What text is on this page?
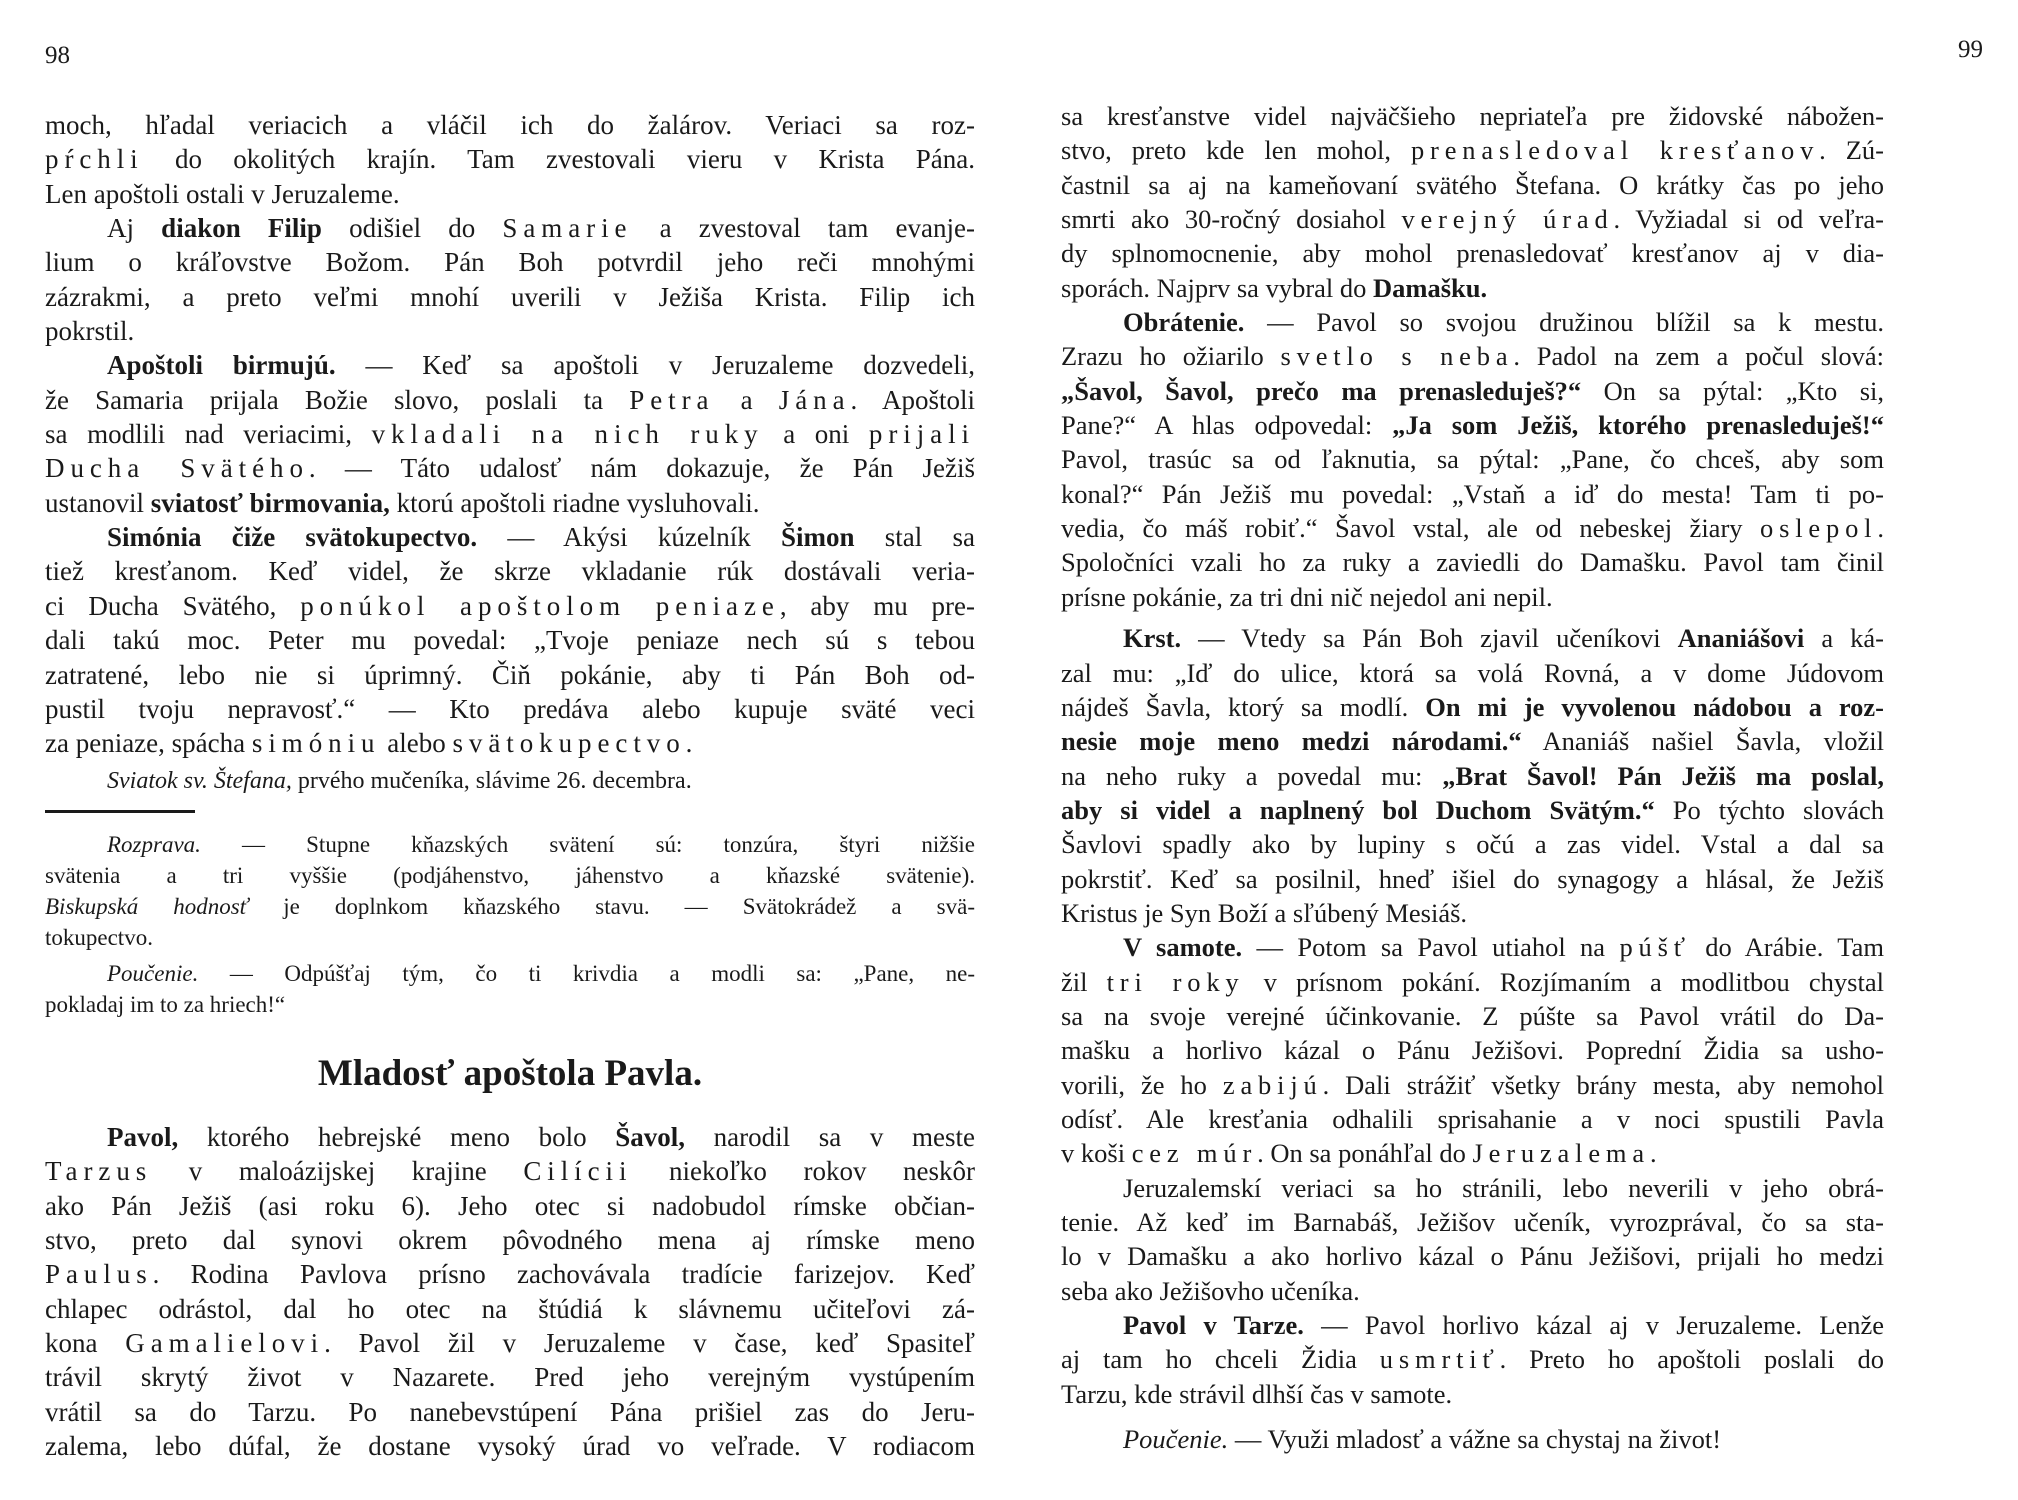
98	99
moch, hľadal veriacich a vláčil ich do žalárov. Veriaci sa roz-
pŕchli do okolitých krajín. Tam zvestovali vieru v Krista Pána.
Len apoštoli ostali v Jeruzaleme.
Aj diakon Filip odišiel do Samarie a zvestoval tam evanje-
lium o kráľovstve Božom. Pán Boh potvrdil jeho reči mnohými
zázrakmi, a preto veľmi mnohí uverili v Ježiša Krista. Filip ich
pokrstil.
Apoštoli birmujú. — Keď sa apoštoli v Jeruzaleme dozvedeli,
že Samaria prijala Božie slovo, poslali ta Petra a Jána. Apoštoli
sa modlili nad veriacimi, vkladali na nich ruky a oni prijali
Ducha Svätého. — Táto udalosť nám dokazuje, že Pán Ježiš
ustanovil sviatosť birmovania, ktorú apoštoli riadne vysluhovali.
Simónia čiže svätokupectvo. — Akýsi kúzelník Šimon stal sa
tiež kresťanom. Keď videl, že skrze vkladanie rúk dostávali veria-
ci Ducha Svätého, ponúkol apoštolom peniaze, aby mu pre-
dali takú moc. Peter mu povedal: „Tvoje peniaze nech sú s tebou
zatratené, lebo nie si úprimný. Čiň pokánie, aby ti Pán Boh od-
pustil tvoju nepravosť.“ — Kto predáva alebo kupuje sväté veci
za peniaze, spácha simóniu alebo svätokupectvo.
Sviatok sv. Štefana, prvého mučeníka, slávime 26. decembra.
Rozprava. — Stupne kňazských svätení sú: tonzúra, štyri nižšie
svätenia a tri vyššie (podjáhenstvo, jáhenstvo a kňazské svätenie).
Biskupská hodnosť je doplnkom kňazského stavu. — Svätokrádež a svä-
tokupectvo.
Poučenie. — Odpúšťaj tým, čo ti krivdia a modli sa: „Pane, ne-
pokladaj im to za hriech!“
Mladosť apoštola Pavla.
Pavol, ktorého hebrejské meno bolo Šavol, narodil sa v meste
Tarzus v maloázijskej krajine Cilícii niekoľko rokov neskôr
ako Pán Ježiš (asi roku 6). Jeho otec si nadobudol rímske občian-
stvo, preto dal synovi okrem pôvodného mena aj rímske meno
Paulus. Rodina Pavlova prísno zachovávala tradície farizejov. Keď
chlapec odrástol, dal ho otec na štúdiá k slávnemu učiteľovi zá-
kona Gamalielovi. Pavol žil v Jeruzaleme v čase, keď Spasiteľ
trávil skrytý život v Nazarete. Pred jeho verejným vystúpením
vrátil sa do Tarzu. Po nanebevstúpení Pána prišiel zas do Jeru-
zalema, lebo dúfal, že dostane vysoký úrad vo veľrade. V rodiacom
sa kresťanstve videl najväčšieho nepriateľa pre židovské nábožen-
stvo, preto kde len mohol, prenasledoval kresťanov. Zú-
častnil sa aj na kameňovaní svätého Štefana. O krátky čas po jeho
smrti ako 30-ročný dosiahol verejný úrad. Vyžiadal si od veľra-
dy splnomocnenie, aby mohol prenasledovať kresťanov aj v dia-
sporách. Najprv sa vybral do Damašku.
Obrátenie. — Pavol so svojou družinou blížil sa k mestu.
Zrazu ho ožiarilo svetlo s neba. Padol na zem a počul slová:
„Šavol, Šavol, prečo ma prenasleduješ?“ On sa pýtal: „Kto si,
Pane?“ A hlas odpovedal: „Ja som Ježiš, ktorého prenasleduješ!“
Pavol, trasúc sa od ľaknutia, sa pýtal: „Pane, čo chceš, aby som
konal?“ Pán Ježiš mu povedal: „Vstaň a iď do mesta! Tam ti po-
vedia, čo máš robiť.“ Šavol vstal, ale od nebeskej žiary oslepol.
Spoločníci vzali ho za ruky a zaviedli do Damašku. Pavol tam činil
prísne pokánie, za tri dni nič nejedol ani nepil.
Krst. — Vtedy sa Pán Boh zjavil učeníkovi Ananiášovi a ká-
zal mu: „Iď do ulice, ktorá sa volá Rovná, a v dome Júdovom
nájdeš Šavla, ktorý sa modlí. On mi je vyvolenou nádobou a roz-
nesie moje meno medzi národami.“ Ananiáš našiel Šavla, vložil
na neho ruky a povedal mu: „Brat Šavol! Pán Ježiš ma poslal,
aby si videl a naplnený bol Duchom Svätým.“ Po týchto slovách
Šavlovi spadly ako by lupiny s očú a zas videl. Vstal a dal sa
pokrstiť. Keď sa posilnil, hneď išiel do synagogy a hlásal, že Ježiš
Kristus je Syn Boží a sľúbený Mesiáš.
V samote. — Potom sa Pavol utiahol na púšť do Arábie. Tam
žil tri roky v prísnom pokání. Rozjímaním a modlitbou chystal
sa na svoje verejné účinkovanie. Z púšte sa Pavol vrátil do Da-
mašku a horlivo kázal o Pánu Ježišovi. Poprední Židia sa usho-
vorili, že ho zabijú. Dali strážiť všetky brány mesta, aby nemohol
odísť. Ale kresťania odhalili sprisahanie a v noci spustili Pavla
v koši cez múr. On sa ponáhľal do Jeruzalema.
Jeruzalemskí veriaci sa ho stránili, lebo neverili v jeho obrá-
tenie. Až keď im Barnabáš, Ježišov učeník, vyrozprával, čo sa sta-
lo v Damašku a ako horlivo kázal o Pánu Ježišovi, prijali ho medzi
seba ako Ježišovho učeníka.
Pavol v Tarze. — Pavol horlivo kázal aj v Jeruzaleme. Lenže
aj tam ho chceli Židia usmrtiť. Preto ho apoštoli poslali do
Tarzu, kde strávil dlhší čas v samote.
Poučenie. — Využi mladosť a vážne sa chystaj na život!
